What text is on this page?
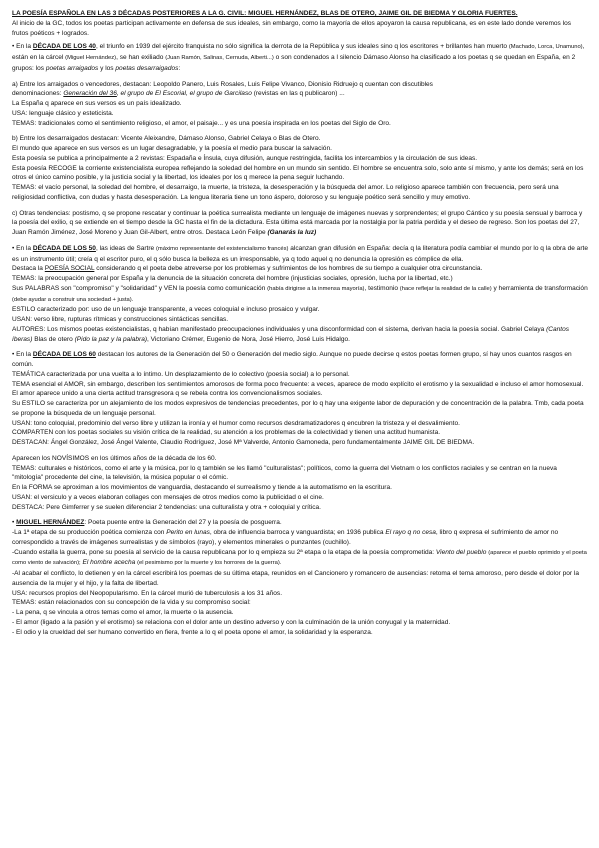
LA POESÍA ESPAÑOLA EN LAS 3 DÉCADAS POSTERIORES A LA G. CIVIL: MIGUEL HERNÁNDEZ, BLAS DE OTERO, JAIME GIL DE BIEDMA Y GLORIA FUERTES.

Al inicio de la GC, todos los poetas participan activamente en defensa de sus ideales, sin embargo, como la mayoría de ellos apoyaron la causa republicana, es en este lado donde veremos los frutos poéticos + logrados.

• En la DÉCADA DE LOS 40, el triunfo en 1939 del ejército franquista no sólo significa la derrota de la República y sus ideales sino q los escritores + brillantes han muerto (Machado, Lorca, Unamuno), están en la cárcel (Miguel Hernández), se han exiliado (Juan Ramón, Salinas, Cernuda, Alberti...) o son condenados a l silencio Dámaso Alonso ha clasificado a los poetas q se quedan en España, en 2 grupos: los poetas arraigados y los poetas desarraigados:

a) Entre los arraigados o vencedores, destacan: Leopoldo Panero, Luis Rosales, Luis Felipe Vivanco, Dionisio Ridruejo q cuentan con discutibles

denominaciones: Generación del 36, el grupo de El Escorial, el grupo de Garcilaso (revistas en las q publicaron) ...

La España q aparece en sus versos es un país idealizado.

USA: lenguaje clásico y esteticista.

TEMAS: tradicionales como el sentimiento religioso, el amor, el paisaje... y es una poesía inspirada en los poetas del Siglo de Oro.

b) Entre los desarraigados destacan: Vicente Aleixandre, Dámaso Alonso, Gabriel Celaya o Blas de Otero.

El mundo que aparece en sus versos es un lugar desagradable, y la poesía el medio para buscar la salvación.

Esta poesía se publica a principalmente a 2 revistas: Espadaña e Ínsula, cuya difusión, aunque restringida, facilita los intercambios y la circulación de sus ideas.

Esta poesía RECOGE la corriente existencialista europea reflejando la soledad del hombre en un mundo sin sentido. El hombre se encuentra solo, solo ante sí mismo, y ante los demás; será en los otros el único camino posible, y la justicia social y la libertad, los ideales por los q merece la pena seguir luchando.

TEMAS: el vacío personal, la soledad del hombre, el desarraigo, la muerte, la tristeza, la desesperación y la búsqueda del amor. Lo religioso aparece también con frecuencia, pero será una religiosidad conflictiva, con dudas y hasta desesperación. La lengua literaria tiene un tono áspero, doloroso y su lenguaje poético será sencillo y muy emotivo.

c) Otras tendencias: postismo, q se propone rescatar y continuar la poética surrealista mediante un lenguaje de imágenes nuevas y sorprendentes; el grupo Cántico y su poesía sensual y barroca y la poesía del exilio, q se extiende en el tiempo desde la GC hasta el fin de la dictadura. Esta última está marcada por la nostalgia por la patria perdida y el deseo de regreso. Son los poetas del 27, Juan Ramón Jiménez, José Moreno y Juan Gil-Albert, entre otros. Destaca León Felipe (Ganarás la luz)

• En la DÉCADA DE LOS 50, las ideas de Sartre (máximo representante del existencialismo francés) alcanzan gran difusión en España: decía q la literatura podía cambiar el mundo por lo q la obra de arte es un instrumento útil; creía q el escritor puro, el q sólo busca la belleza es un irresponsable, ya q todo aquel q no denuncia la opresión es cómplice de ella.

Destaca la POESÍA SOCIAL considerando q el poeta debe atreverse por los problemas y sufrimientos de los hombres de su tiempo a cualquier otra circunstancia.

TEMAS: la preocupación general por España y la denuncia de la situación concreta del hombre (injusticias sociales, opresión, lucha por la libertad, etc.)

Sus PALABRAS son "compromiso" y "solidaridad" y VEN la poesía como comunicación (había dirigirse a la inmensa mayoría), testimonio (hace reflejar la realidad de la calle) y herramienta de transformación (debe ayudar a construir una sociedad + justa).

ESTILO caracterizado por: uso de un lenguaje transparente, a veces coloquial e incluso prosaico y vulgar.

USAN: verso libre, rupturas rítmicas y construcciones sintácticas sencillas.

AUTORES: Los mismos poetas existencialistas, q habían manifestado preocupaciones individuales y una disconformidad con el sistema, derivan hacia la poesía social. Gabriel Celaya (Cantos íberas) Blas de otero (Pido la paz y la palabra), Victoriano Crémer, Eugenio de Nora, José Hierro, José Luis Hidalgo.

• En la DÉCADA DE LOS 60 destacan los autores de la Generación del 50 o Generación del medio siglo. Aunque no puede decirse q estos poetas formen grupo, sí hay unos cuantos rasgos en común.

TEMÁTICA caracterizada por una vuelta a lo íntimo. Un desplazamiento de lo colectivo (poesía social) a lo personal.

TEMA esencial el AMOR, sin embargo, describen los sentimientos amorosos de forma poco frecuente: a veces, aparece de modo explícito el erotismo y la sexualidad e incluso el amor homosexual. El amor aparece unido a una cierta actitud transgresora q se rebela contra los convencionalismos sociales.

Su ESTILO se caracteriza por un alejamiento de los modos expresivos de tendencias precedentes, por lo q hay una exigente labor de depuración y de concentración de la palabra. Tmb, cada poeta se propone la búsqueda de un lenguaje personal.

USAN: tono coloquial, predominio del verso libre y utilizan la ironía y el humor como recursos desdramatizadores q encubren la tristeza y el desvalimiento.

COMPARTEN con los poetas sociales su visión crítica de la realidad, su atención a los problemas de la colectividad y tienen una actitud humanista.

DESTACAN: Ángel González, José Ángel Valente, Claudio Rodríguez, José Mª Valverde, Antonio Gamoneda, pero fundamentalmente JAIME GIL DE BIEDMA.

Aparecen los NOVÍSIMOS en los últimos años de la década de los 60.

TEMAS: culturales e históricos, como el arte y la música, por lo q también se les llamó "culturalistas"; políticos, como la guerra del Vietnam o los conflictos raciales y se centran en la nueva "mitología" procedente del cine, la televisión, la música popular o el cómic.

En la FORMA se aproximan a los movimientos de vanguardia, destacando el surrealismo y tiende a la automatismo en la escritura.

USAN: el versiculo y a veces elaboran collages con mensajes de otros medios como la publicidad o el cine.

DESTACA: Pere Gimferrer y se suelen diferenciar 2 tendencias: una culturalista y otra + coloquial y crítica.

• MIGUEL HERNÁNDEZ: Poeta puente entre la Generación del 27 y la poesía de posguerra.

-La 1ª etapa de su producción poética comienza con Perito en lunas, obra de influencia barroca y vanguardista; en 1936 publica El rayo q no cesa, libro q expresa el sufrimiento de amor no correspondido a través de imágenes surrealistas y de símbolos (rayo), y elementos minerales o punzantes (cuchillo).

-Cuando estalla la guerra, pone su poesía al servicio de la causa republicana por lo q empieza su 2ª etapa o la etapa de la poesía comprometida: Viento del pueblo (aparece el pueblo oprimido y el poeta como viento de salvación); El hombre acecha (el pesimismo por la muerte y los horrores de la guerra).

-Al acabar el conflicto, lo detienen y en la cárcel escribirá los poemas de su última etapa, reunidos en el Cancionero y romancero de ausencias: retoma el tema amoroso, pero desde el dolor por la ausencia de la mujer y el hijo, y la falta de libertad.

USA: recursos propios del Neopopularismo. En la cárcel murió de tuberculosis a los 31 años.

TEMAS: están relacionados con su concepción de la vida y su compromiso social:

- La pena, q se vincula a otros temas como el amor, la muerte o la ausencia.

- El amor (ligado a la pasión y el erotismo) se relaciona con el dolor ante un destino adverso y con la culminación de la unión conyugal y la maternidad.

- El odio y la crueldad del ser humano convertido en fiera, frente a lo q el poeta opone el amor, la solidaridad y la esperanza.
